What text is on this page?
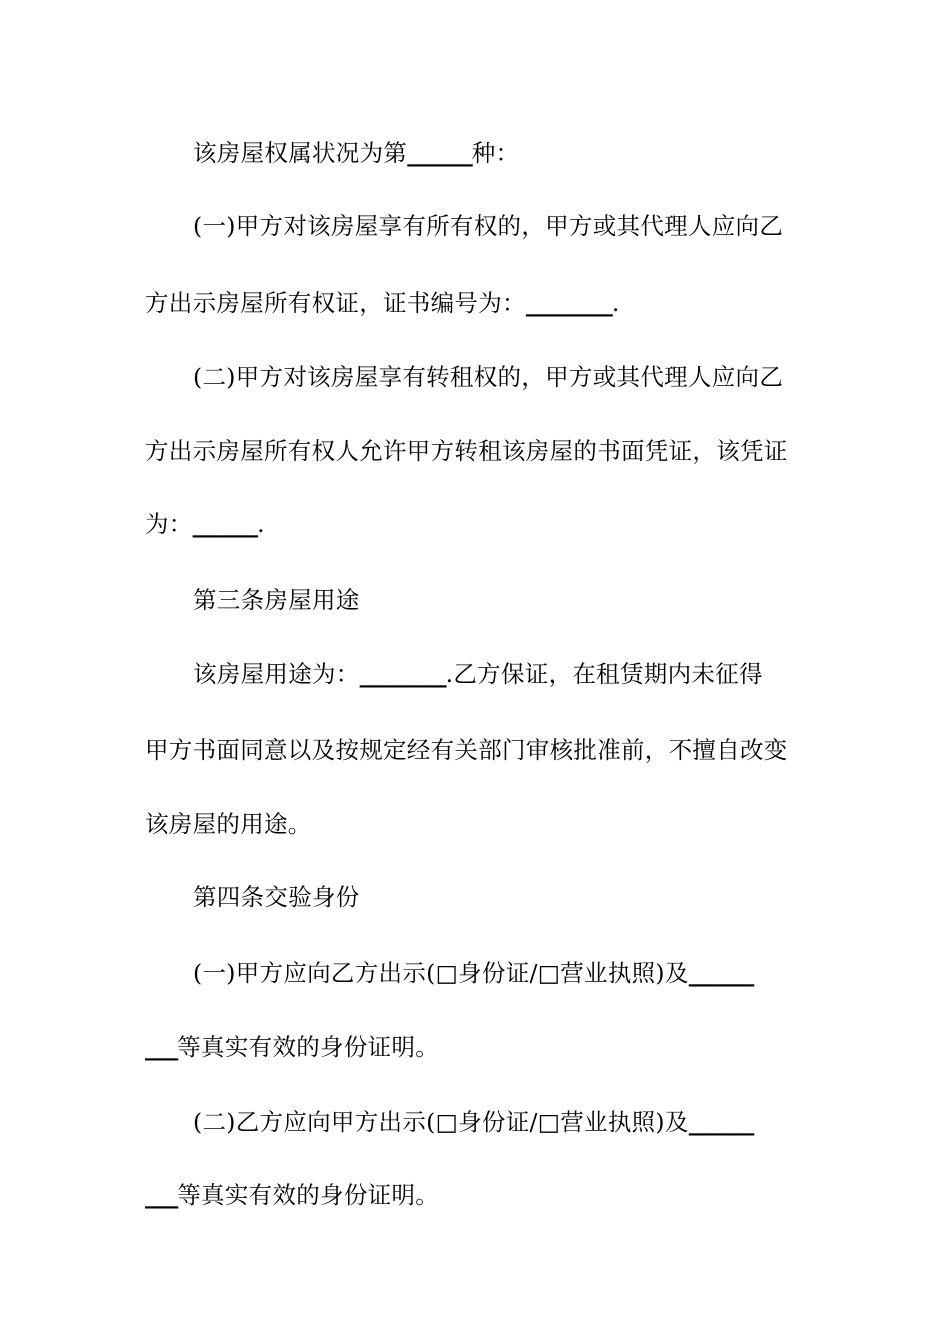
该房屋权属状况为第______种：
(一)甲方对该房屋享有所有权的，甲方或其代理人应向乙
方出示房屋所有权证，证书编号为：________.
(二)甲方对该房屋享有转租权的，甲方或其代理人应向乙
方出示房屋所有权人允许甲方转租该房屋的书面凭证，该凭证
为：______.
第三条房屋用途
该房屋用途为：________.乙方保证，在租赁期内未征得
甲方书面同意以及按规定经有关部门审核批准前，不擅自改变
该房屋的用途。
第四条交验身份
(一)甲方应向乙方出示(□身份证/□营业执照)及______
___等真实有效的身份证明。
(二)乙方应向甲方出示(□身份证/□营业执照)及______
___等真实有效的身份证明。
